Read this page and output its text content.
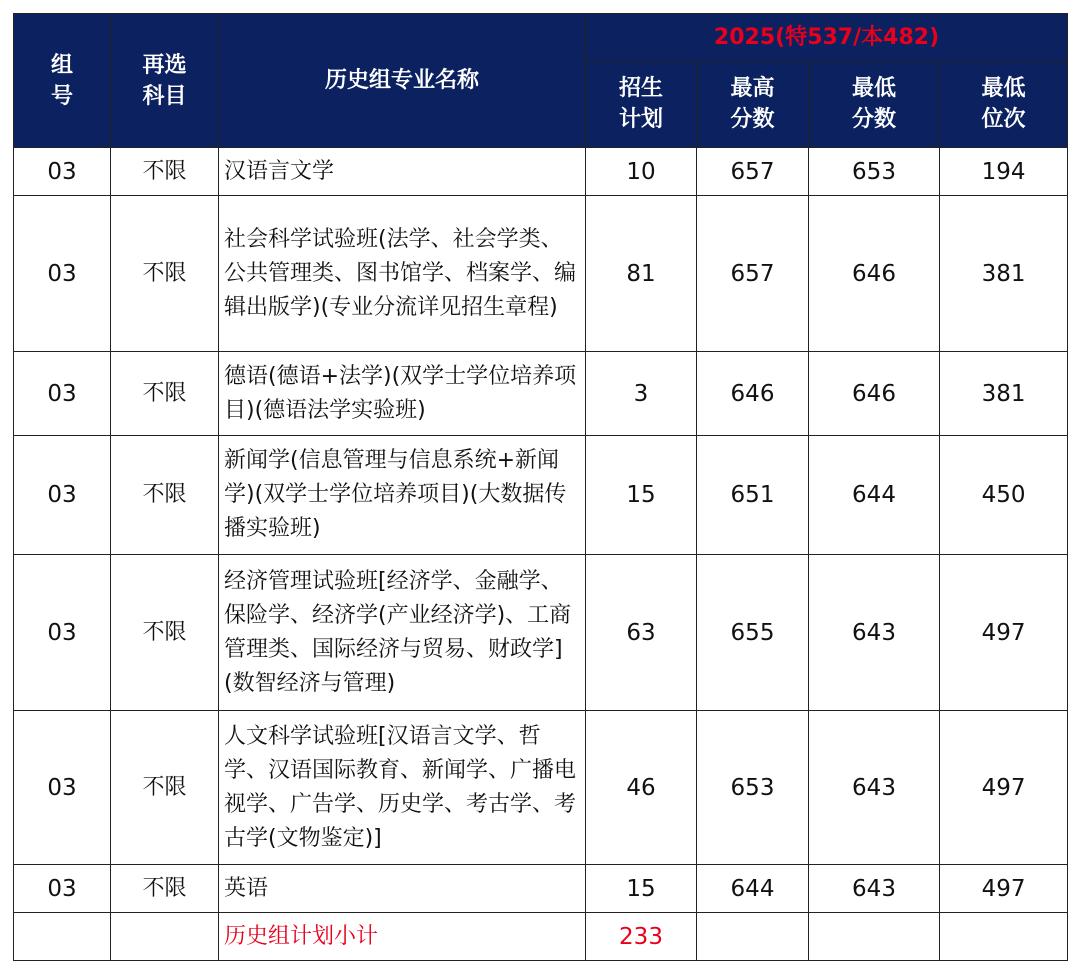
组号	再选科目	历史组专业名称	2025(特537/本482)			
			招生计划	最高分数	最低分数	最低位次
03	不限	汉语言文学	10	657	653	194
03	不限	社会科学试验班(法学、社会学类、公共管理类、图书馆学、档案学、编辑出版学)(专业分流详见招生章程)	81	657	646	381
03	不限	德语(德语+法学)(双学士学位培养项目)(德语法学实验班)	3	646	646	381
03	不限	新闻学(信息管理与信息系统+新闻学)(双学士学位培养项目)(大数据传播实验班)	15	651	644	450
03	不限	经济管理试验班[经济学、金融学、保险学、经济学(产业经济学)、工商管理类、国际经济与贸易、财政学](数智经济与管理)	63	655	643	497
03	不限	人文科学试验班[汉语言文学、哲学、汉语国际教育、新闻学、广播电视学、广告学、历史学、考古学、考古学(文物鉴定)]	46	653	643	497
03	不限	英语	15	644	643	497
		历史组计划小计	233			
